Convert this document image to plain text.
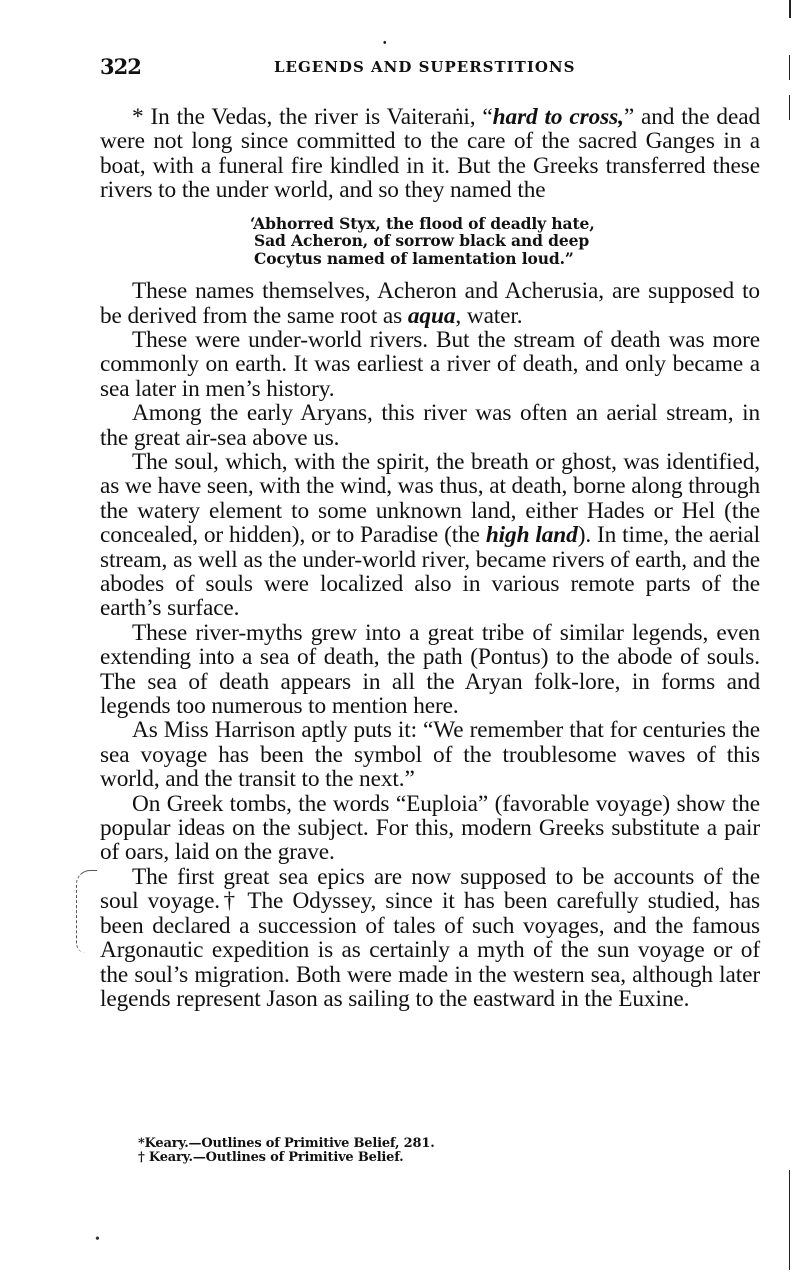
•
322	LEGENDS AND SUPERSTITIONS

* In the Vedas, the river is Vaiteraṅi, “hard to cross,” and the dead were not long since committed to the care of the sacred Ganges in a boat, with a funeral fire kindled in it. But the Greeks transferred these rivers to the under world, and so they named the

‘Abhorred Styx, the flood of deadly hate,
Sad Acheron, of sorrow black and deep
Cocytus named of lamentation loud.”

These names themselves, Acheron and Acherusia, are supposed to be derived from the same root as aqua, water.

These were under-world rivers. But the stream of death was more commonly on earth. It was earliest a river of death, and only became a sea later in men’s history.

Among the early Aryans, this river was often an aerial stream, in the great air-sea above us.

The soul, which, with the spirit, the breath or ghost, was identified, as we have seen, with the wind, was thus, at death, borne along through the watery element to some unknown land, either Hades or Hel (the concealed, or hidden), or to Paradise (the high land). In time, the aerial stream, as well as the under-world river, became rivers of earth, and the abodes of souls were localized also in various remote parts of the earth’s surface.

These river-myths grew into a great tribe of similar legends, even extending into a sea of death, the path (Pontus) to the abode of souls. The sea of death appears in all the Aryan folk-lore, in forms and legends too numerous to mention here.

As Miss Harrison aptly puts it: “We remember that for centuries the sea voyage has been the symbol of the troublesome waves of this world, and the transit to the next.”

On Greek tombs, the words “Euploia” (favorable voyage) show the popular ideas on the subject. For this, modern Greeks substitute a pair of oars, laid on the grave.

The first great sea epics are now supposed to be accounts of the soul voyage.† The Odyssey, since it has been carefully studied, has been declared a succession of tales of such voyages, and the famous Argonautic expedition is as certainly a myth of the sun voyage or of the soul’s migration. Both were made in the western sea, although later legends represent Jason as sailing to the eastward in the Euxine.

*Keary.—Outlines of Primitive Belief, 281.
† Keary.—Outlines of Primitive Belief.
•
